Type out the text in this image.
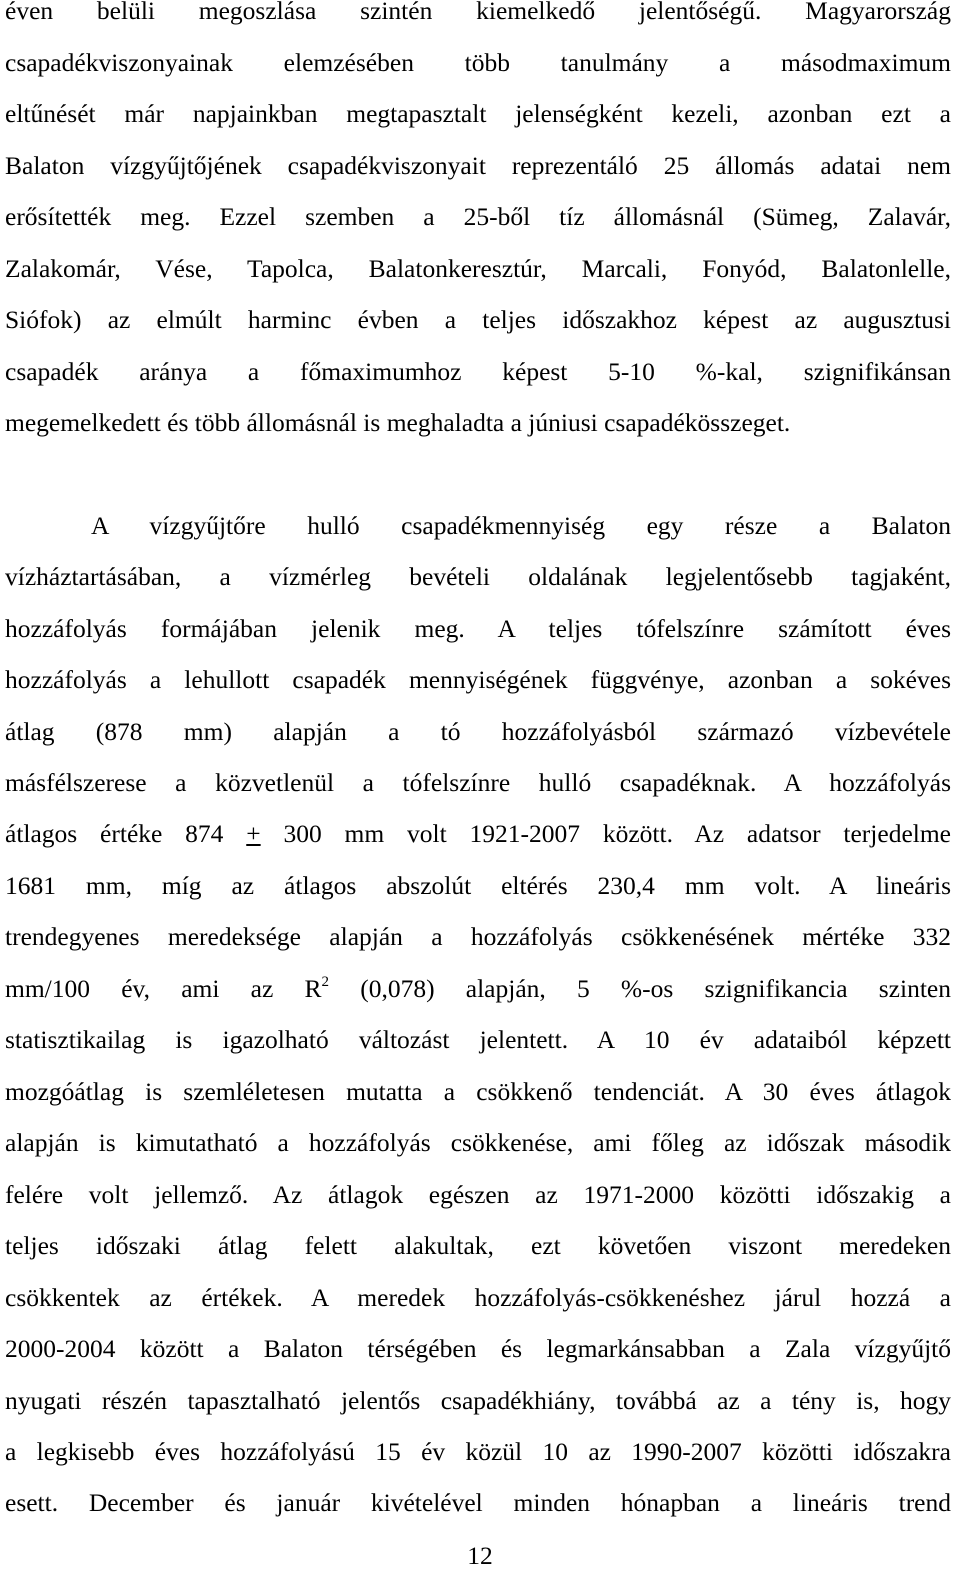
éven belüli megoszlása szintén kiemelkedő jelentőségű. Magyarország
csapadékviszonyainak elemzésében több tanulmány a másodmaximum
eltűnését már napjainkban megtapasztalt jelenségként kezeli, azonban ezt a
Balaton vízgyűjtőjének csapadékviszonyait reprezentáló 25 állomás adatai nem
erősítették meg. Ezzel szemben a 25-ből tíz állomásnál (Sümeg, Zalavár,
Zalakomár, Vése, Tapolca, Balatonkeresztúr, Marcali, Fonyód, Balatonlelle,
Siófok) az elmúlt harminc évben a teljes időszakhoz képest az augusztusi
csapadék aránya a főmaximumhoz képest 5-10 %-kal, szignifikánsan
megemelkedett és több állomásnál is meghaladta a júniusi csapadékösszeget.
A vízgyűjtőre hulló csapadékmennyiség egy része a Balaton
vízháztartásában, a vízmérleg bevételi oldalának legjelentősebb tagjaként,
hozzáfolyás formájában jelenik meg. A teljes tófelszínre számított éves
hozzáfolyás a lehullott csapadék mennyiségének függvénye, azonban a sokéves
átlag (878 mm) alapján a tó hozzáfolyásból származó vízbevétele
másfélszerese a közvetlenül a tófelszínre hulló csapadéknak. A hozzáfolyás
átlagos értéke 874 + 300 mm volt 1921-2007 között. Az adatsor terjedelme
1681 mm, míg az átlagos abszolút eltérés 230,4 mm volt. A lineáris
trendegyenes meredeksége alapján a hozzáfolyás csökkenésének mértéke 332
mm/100 év, ami az $R^2$ (0,078) alapján, 5 %-os szignifikancia szinten
statisztikailag is igazolható változást jelentett. A 10 év adataiból képzett
mozgóátlag is szemléletesen mutatta a csökkenő tendenciát. A 30 éves átlagok
alapján is kimutatható a hozzáfolyás csökkenése, ami főleg az időszak második
felére volt jellemző. Az átlagok egészen az 1971-2000 közötti időszakig a
teljes időszaki átlag felett alakultak, ezt követően viszont meredeken
csökkentek az értékek. A meredek hozzáfolyás-csökkenéshez járul hozzá a
2000-2004 között a Balaton térségében és legmarkánsabban a Zala vízgyűjtő
nyugati részén tapasztalható jelentős csapadékhiány, továbbá az a tény is, hogy
a legkisebb éves hozzáfolyású 15 év közül 10 az 1990-2007 közötti időszakra
esett. December és január kivételével minden hónapban a lineáris trend
12
